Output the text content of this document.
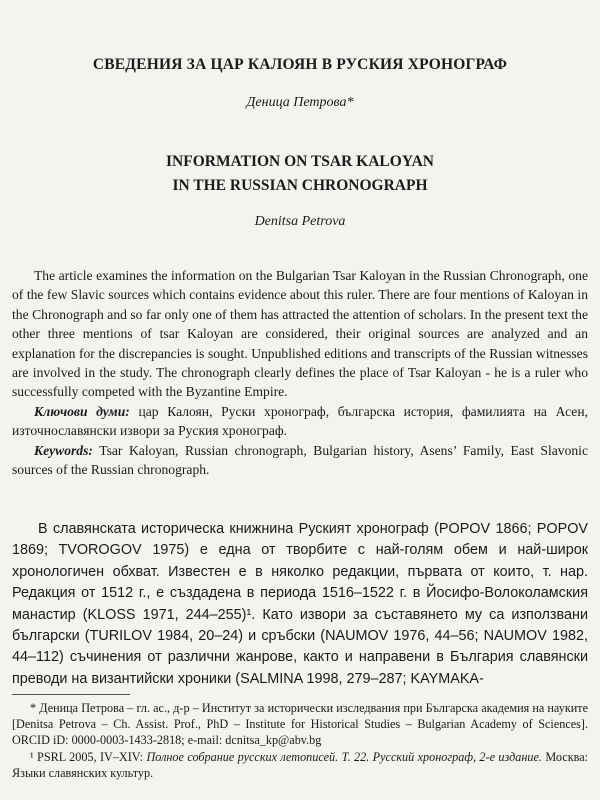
СВЕДЕНИЯ ЗА ЦАР КАЛОЯН В РУСКИЯ ХРОНОГРАФ
Деница Петрова*
INFORMATION ON TSAR KALOYAN
IN THE RUSSIAN CHRONOGRAPH
Denitsa Petrova

The article examines the information on the Bulgarian Tsar Kaloyan in the Russian Chronograph, one of the few Slavic sources which contains evidence about this ruler. There are four mentions of Kaloyan in the Chronograph and so far only one of them has attracted the attention of scholars. In the present text the other three mentions of tsar Kaloyan are considered, their original sources are analyzed and an explanation for the discrepancies is sought. Unpublished editions and transcripts of the Russian witnesses are involved in the study. The chronograph clearly defines the place of Tsar Kaloyan - he is a ruler who successfully competed with the Byzantine Empire.

Ключови думи: цар Калоян, Руски хронограф, българска история, фамилията на Асен, източнославянски извори за Руския хронограф.

Keywords: Tsar Kaloyan, Russian chronograph, Bulgarian history, Asens’ Family, East Slavonic sources of the Russian chronograph.

В славянската историческа книжнина Руският хронограф (POPOV 1866; POPOV 1869; TVOROGOV 1975) е една от творбите с най-голям обем и най-широк хронологичен обхват. Известен е в няколко редакции, първата от които, т. нар. Редакция от 1512 г., е създадена в периода 1516–1522 г. в Йосифо-Волоколамския манастир (KLOSS 1971, 244–255)¹. Като извори за съставянето му са използвани български (TURILOV 1984, 20–24) и сръбски (NAUMOV 1976, 44–56; NAUMOV 1982, 44–112) съчинения от различни жанрове, както и направени в България славянски преводи на византийски хроники (SALMINA 1998, 279–287; KAYMAKA-

* Деница Петрова – гл. ас., д-р – Институт за исторически изследвания при Българска академия на науките [Denitsa Petrova – Ch. Assist. Prof., PhD – Institute for Historical Studies – Bulgarian Academy of Sciences]. ORCID iD: 0000-0003-1433-2818; e-mail: dcnitsa_kp@abv.bg

¹ PSRL 2005, IV–XIV: Полное собрание русских летописей. Т. 22. Русский хронограф, 2-е издание. Москва: Языки славянских культур.
